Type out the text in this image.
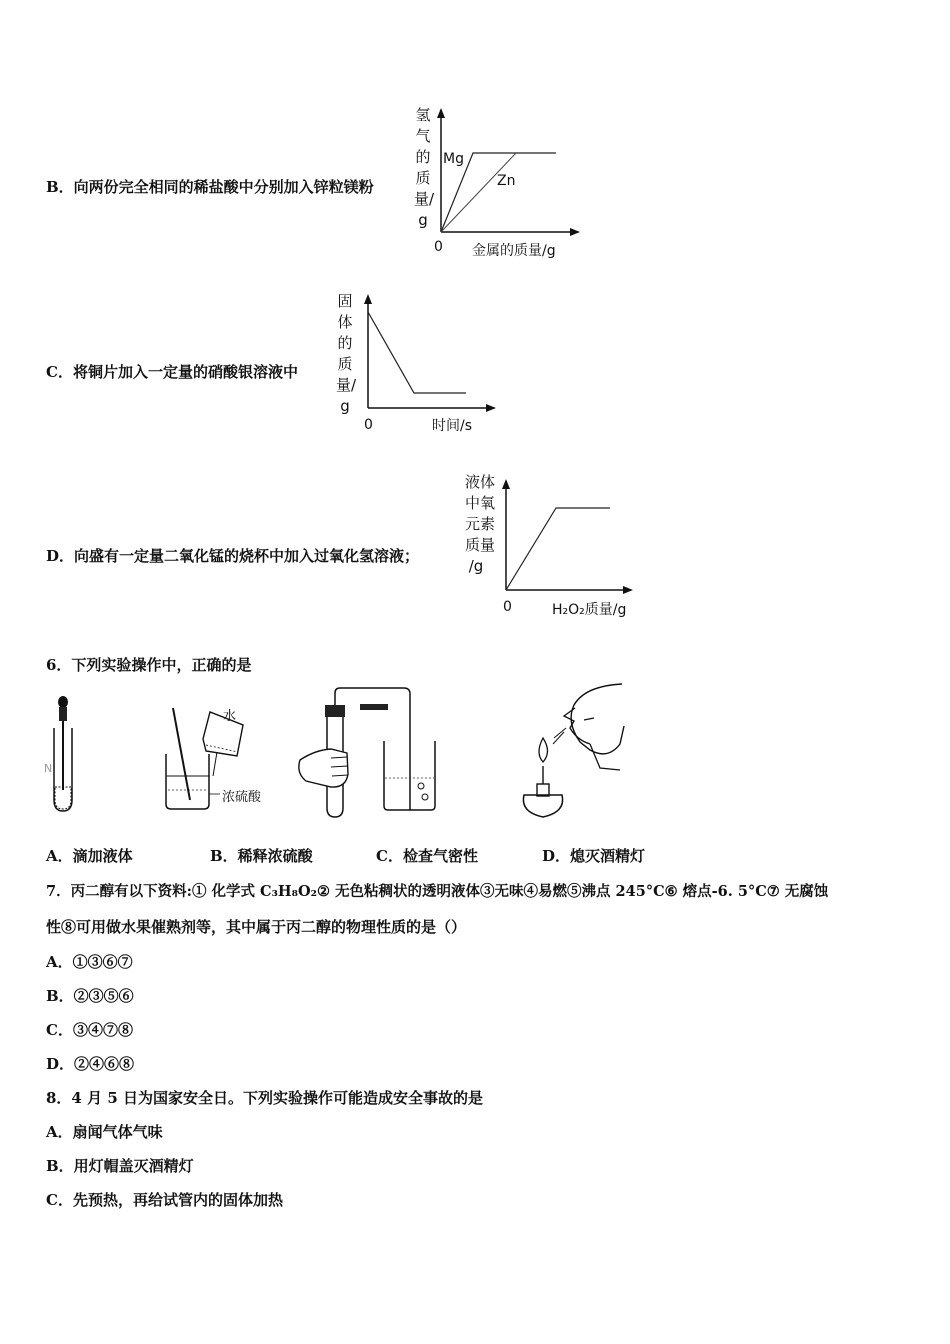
B．向两份完全相同的稀盐酸中分别加入锌粒镁粉
氢气的质量/g
Mg
Zn
0 金属的质量/g
C．将铜片加入一定量的硝酸银溶液中
固体的质量/g
0	时间/s
D．向盛有一定量二氧化锰的烧杯中加入过氧化氢溶液；
液体
中氧
元素
质量
/g
0	H₂O₂质量/g
6．下列实验操作中，正确的是
N
水
浓硫酸
A．滴加液体	B．稀释浓硫酸	C．检查气密性	D．熄灭酒精灯
7．丙二醇有以下资料:① 化学式 C₃H₈O₂② 无色粘稠状的透明液体③无味④易燃⑤沸点 245°C⑥ 熔点-6. 5°C⑦ 无腐蚀
性⑧可用做水果催熟剂等，其中属于丙二醇的物理性质的是（）
A．①③⑥⑦
B．②③⑤⑥
C．③④⑦⑧
D．②④⑥⑧
8．4 月 5 日为国家安全日。下列实验操作可能造成安全事故的是
A．扇闻气体气味
B．用灯帽盖灭酒精灯
C．先预热，再给试管内的固体加热
